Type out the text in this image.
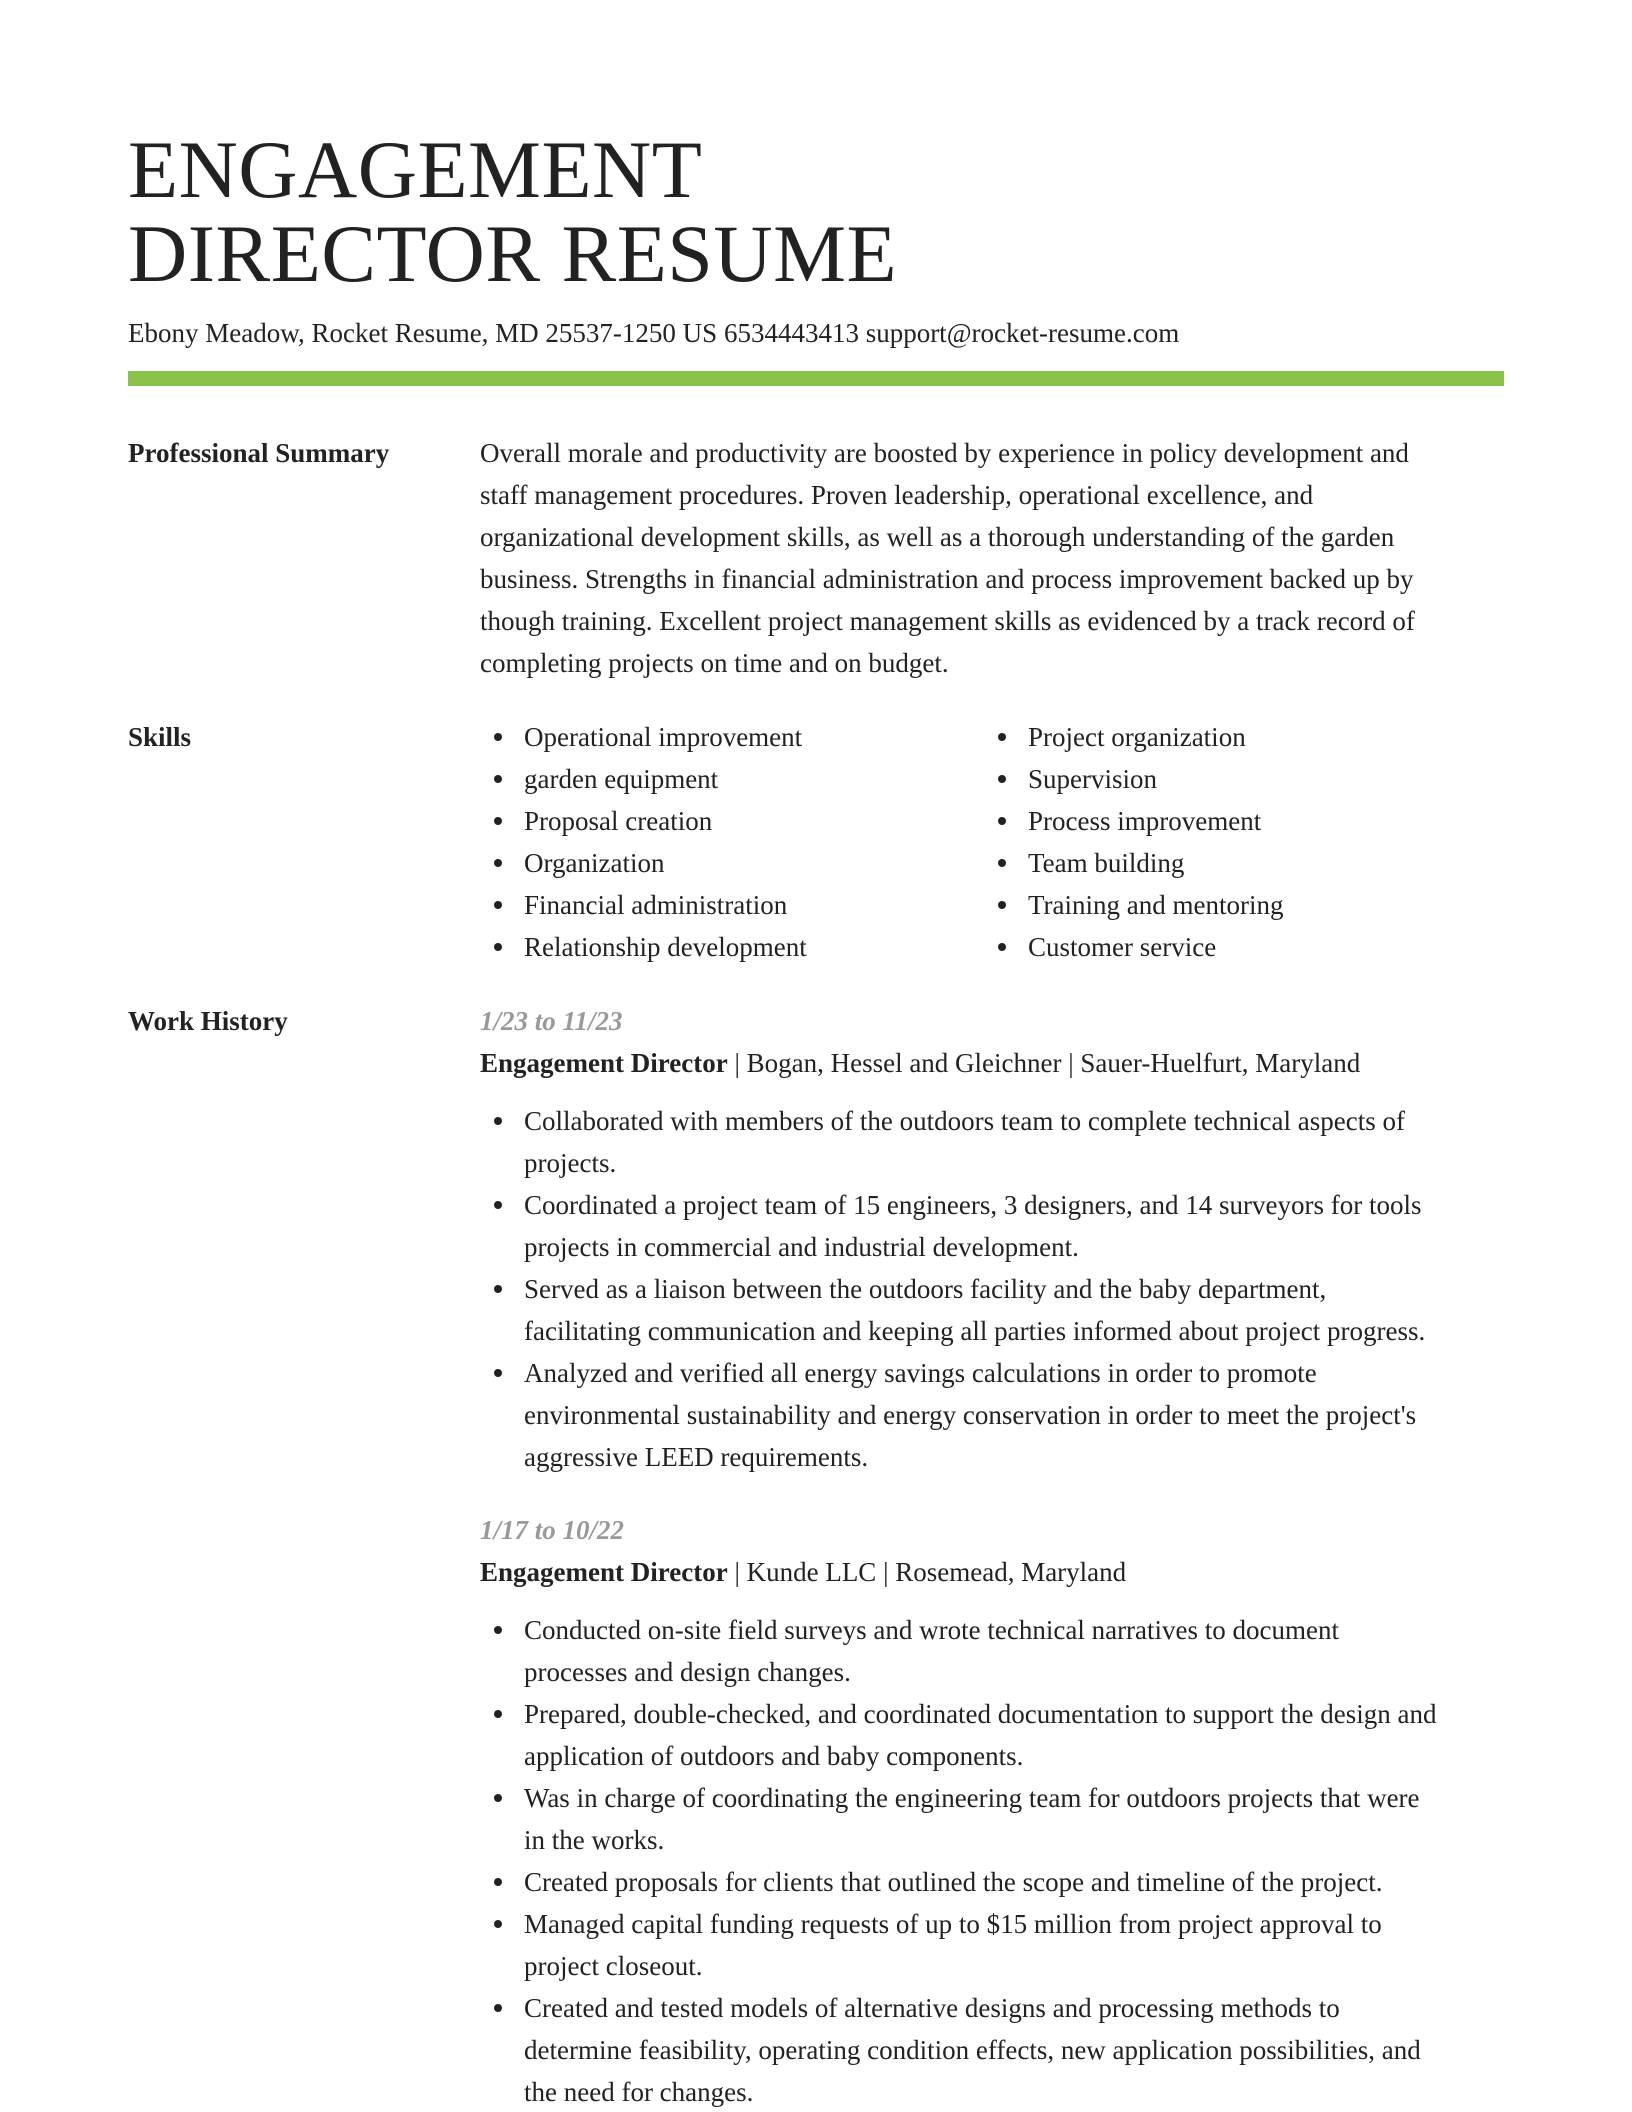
ENGAGEMENT
DIRECTOR RESUME
Ebony Meadow, Rocket Resume, MD 25537-1250 US 6534443413 support@rocket-resume.com
Professional Summary	Overall morale and productivity are boosted by experience in policy development and
staff management procedures. Proven leadership, operational excellence, and
organizational development skills, as well as a thorough understanding of the garden
business. Strengths in financial administration and process improvement backed up by
though training. Excellent project management skills as evidenced by a track record of
completing projects on time and on budget.
Skills	Operational improvement
garden equipment
Proposal creation
Organization
Financial administration
Relationship development
Project organization
Supervision
Process improvement
Team building
Training and mentoring
Customer service
Work History	1/23 to 11/23
Engagement Director | Bogan, Hessel and Gleichner | Sauer-Huelfurt, Maryland
Collaborated with members of the outdoors team to complete technical aspects of
projects.
Coordinated a project team of 15 engineers, 3 designers, and 14 surveyors for tools
projects in commercial and industrial development.
Served as a liaison between the outdoors facility and the baby department,
facilitating communication and keeping all parties informed about project progress.
Analyzed and verified all energy savings calculations in order to promote
environmental sustainability and energy conservation in order to meet the project's
aggressive LEED requirements.
1/17 to 10/22
Engagement Director | Kunde LLC | Rosemead, Maryland
Conducted on-site field surveys and wrote technical narratives to document
processes and design changes.
Prepared, double-checked, and coordinated documentation to support the design and
application of outdoors and baby components.
Was in charge of coordinating the engineering team for outdoors projects that were
in the works.
Created proposals for clients that outlined the scope and timeline of the project.
Managed capital funding requests of up to $15 million from project approval to
project closeout.
Created and tested models of alternative designs and processing methods to
determine feasibility, operating condition effects, new application possibilities, and
the need for changes.
